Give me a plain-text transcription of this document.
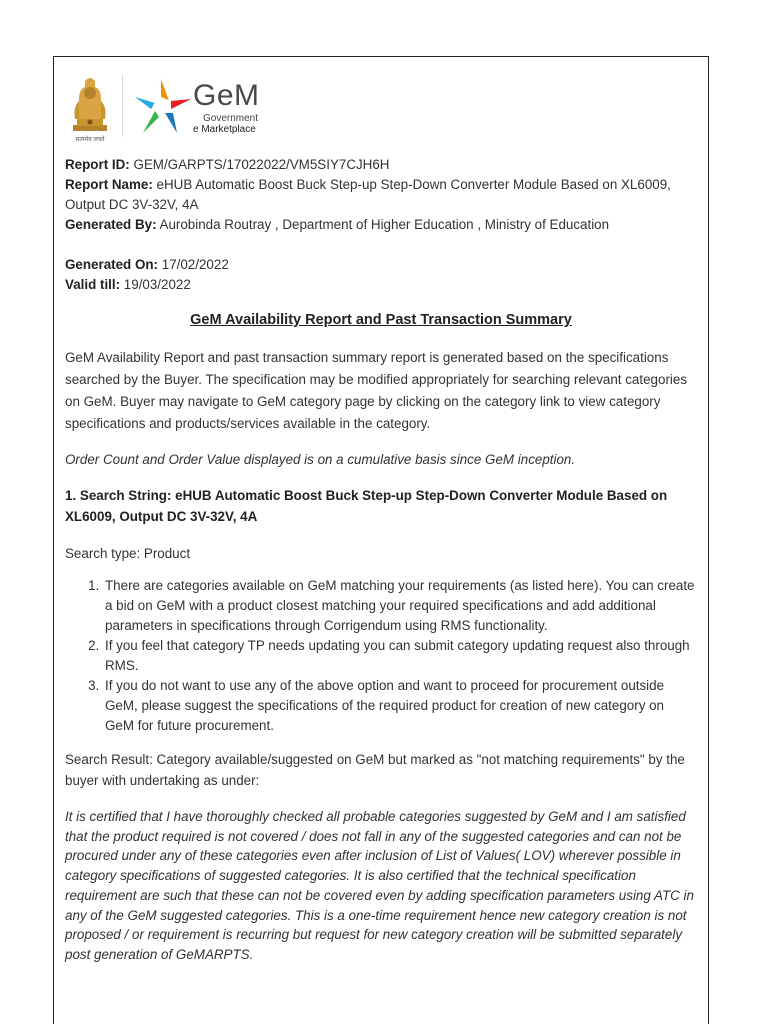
सत्यमेव जयते
GeM
Government
e Marketplace
Report ID: GEM/GARPTS/17022022/VM5SIY7CJH6H
Report Name: eHUB Automatic Boost Buck Step-up Step-Down Converter Module Based on XL6009, Output DC 3V-32V, 4A
Generated By: Aurobinda Routray , Department of Higher Education , Ministry of Education
Generated On: 17/02/2022
Valid till: 19/03/2022
GeM Availability Report and Past Transaction Summary
GeM Availability Report and past transaction summary report is generated based on the specifications searched by the Buyer. The specification may be modified appropriately for searching relevant categories on GeM. Buyer may navigate to GeM category page by clicking on the category link to view category specifications and products/services available in the category.
Order Count and Order Value displayed is on a cumulative basis since GeM inception.
1. Search String: eHUB Automatic Boost Buck Step-up Step-Down Converter Module Based on XL6009, Output DC 3V-32V, 4A
Search type: Product
1. There are categories available on GeM matching your requirements (as listed here). You can create a bid on GeM with a product closest matching your required specifications and add additional parameters in specifications through Corrigendum using RMS functionality.
2. If you feel that category TP needs updating you can submit category updating request also through RMS.
3. If you do not want to use any of the above option and want to proceed for procurement outside GeM, please suggest the specifications of the required product for creation of new category on GeM for future procurement.
Search Result: Category available/suggested on GeM but marked as "not matching requirements" by the buyer with undertaking as under:
It is certified that I have thoroughly checked all probable categories suggested by GeM and I am satisfied that the product required is not covered / does not fall in any of the suggested categories and can not be procured under any of these categories even after inclusion of List of Values( LOV) wherever possible in category specifications of suggested categories. It is also certified that the technical specification requirement are such that these can not be covered even by adding specification parameters using ATC in any of the GeM suggested categories. This is a one-time requirement hence new category creation is not proposed / or requirement is recurring but request for new category creation will be submitted separately post generation of GeMARPTS.
